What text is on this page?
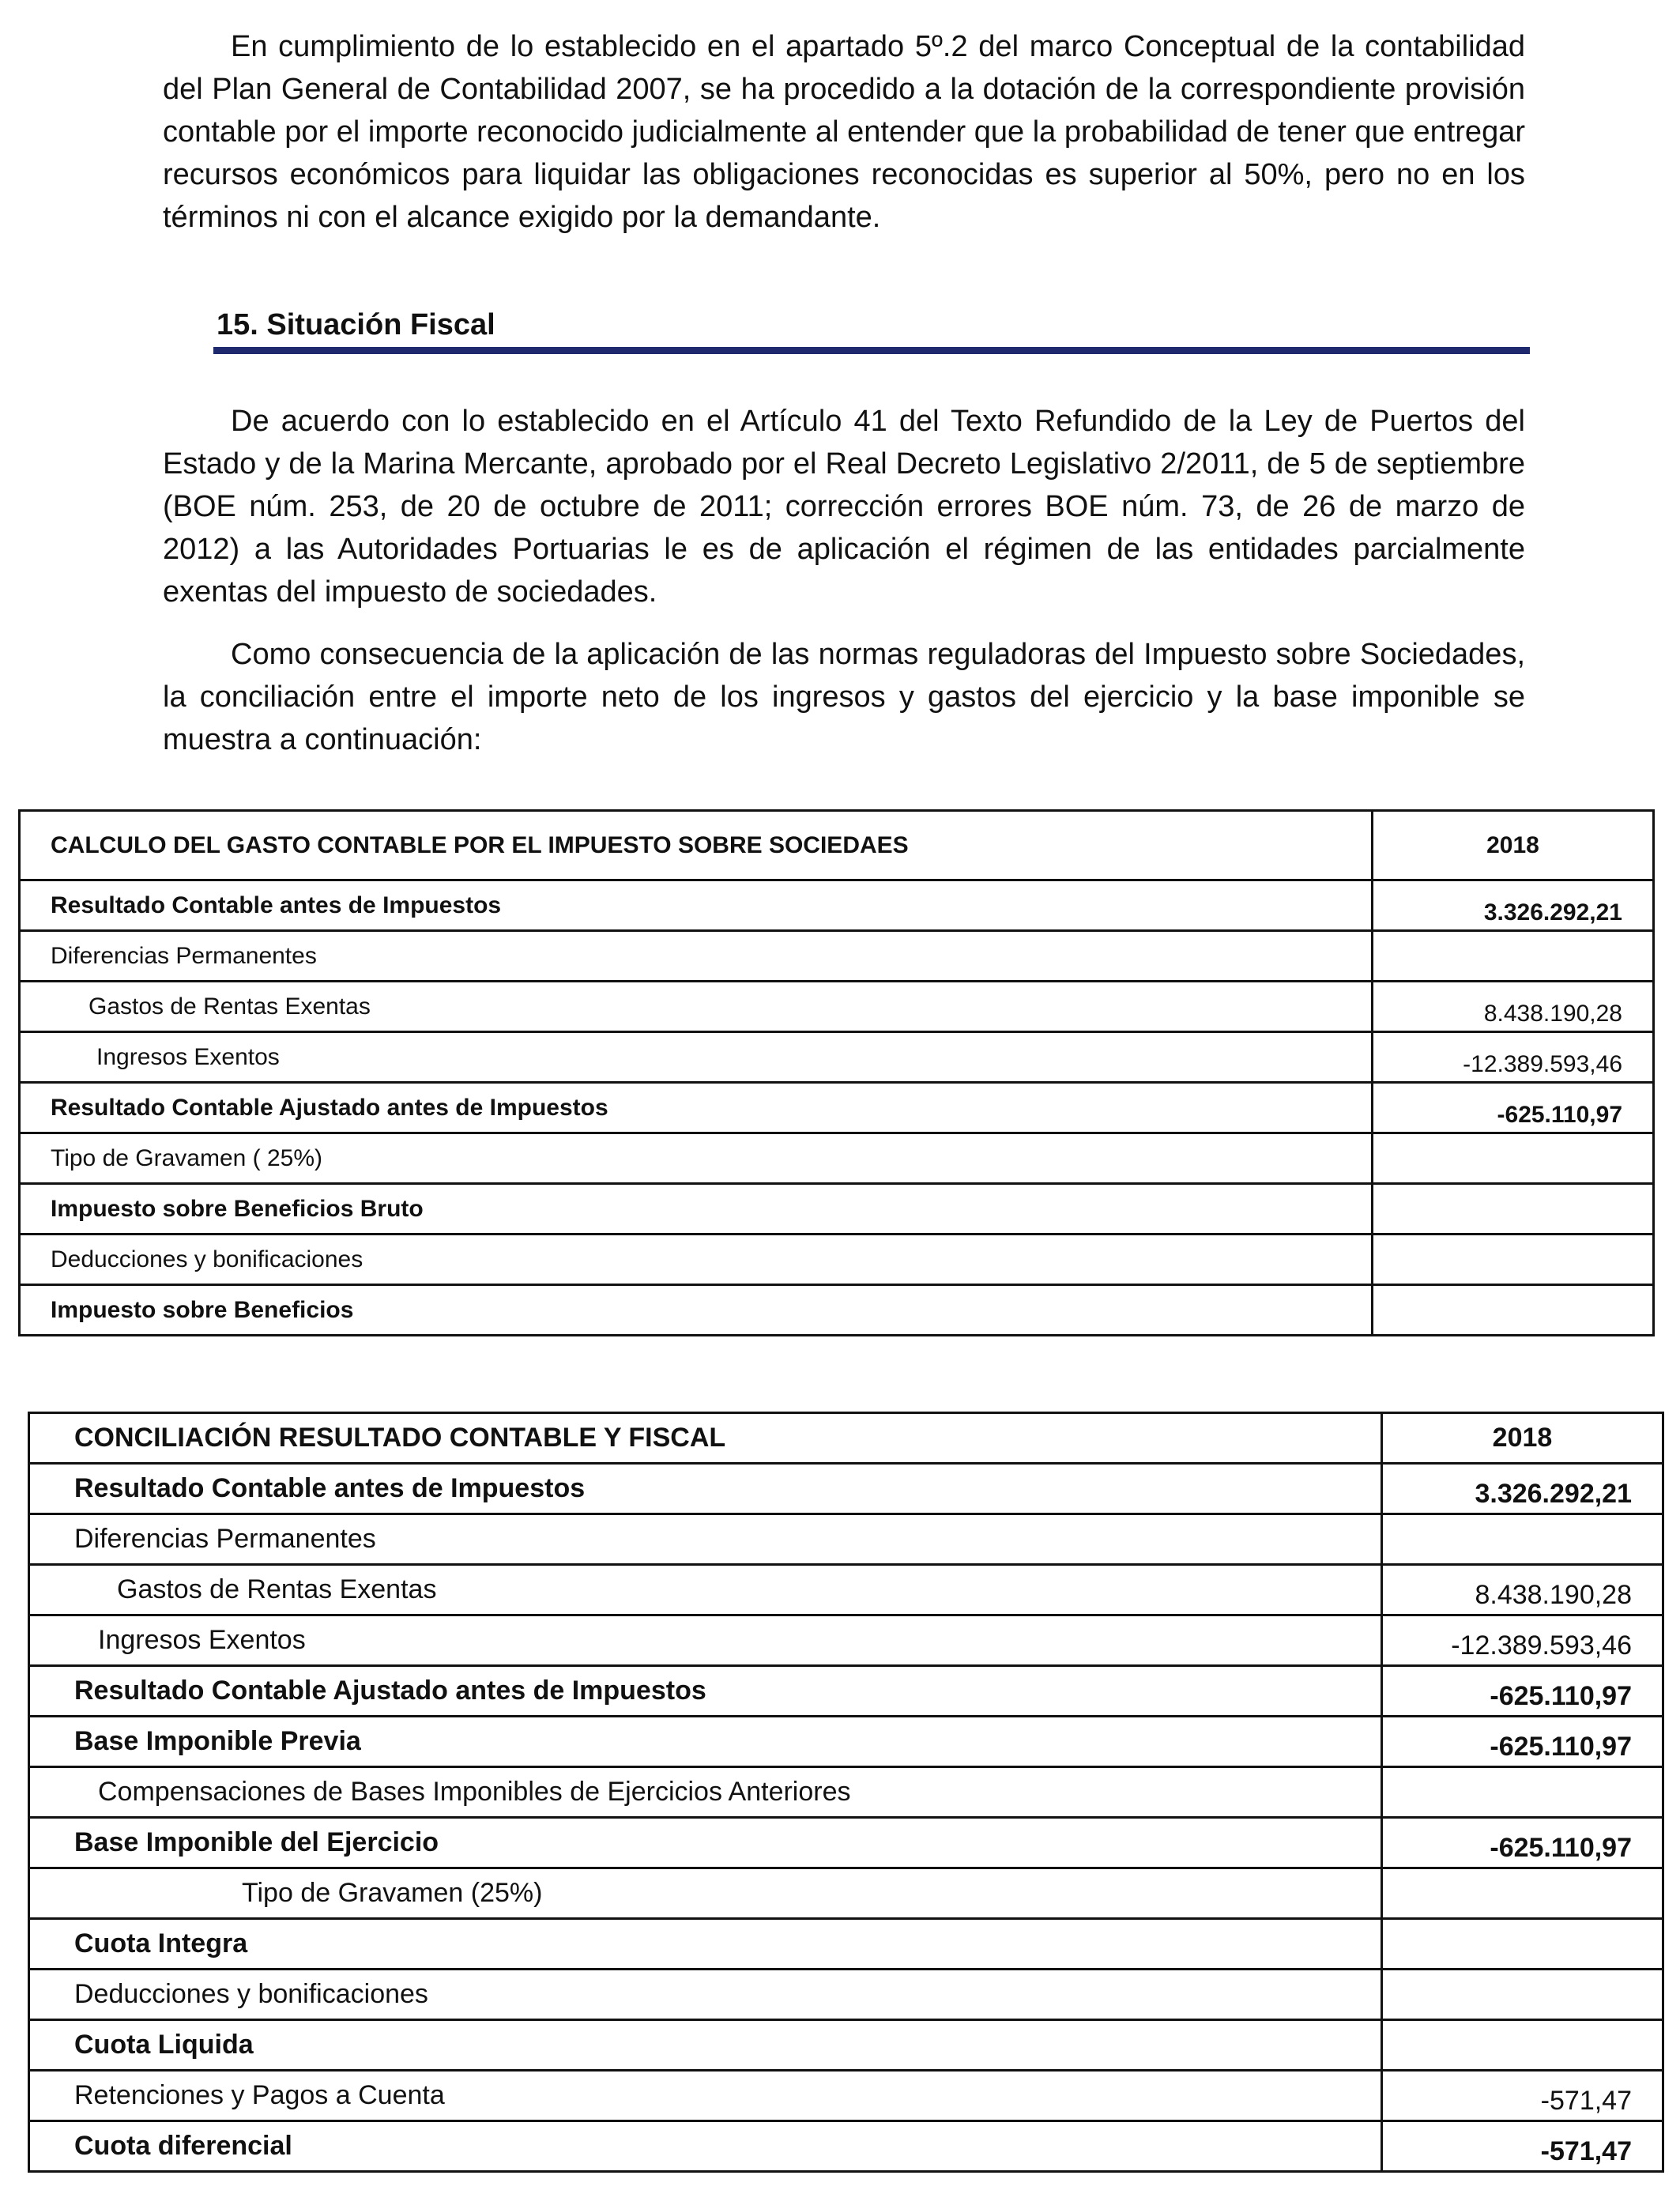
En cumplimiento de lo establecido en el apartado 5º.2 del marco Conceptual de la contabilidad del Plan General de Contabilidad 2007, se ha procedido a la dotación de la correspondiente provisión contable por el importe reconocido judicialmente al entender que la probabilidad de tener que entregar recursos económicos para liquidar las obligaciones reconocidas es superior al 50%, pero no en los términos ni con el alcance exigido por la demandante.

15. Situación Fiscal

De acuerdo con lo establecido en el Artículo 41 del Texto Refundido de la Ley de Puertos del Estado y de la Marina Mercante, aprobado por el Real Decreto Legislativo 2/2011, de 5 de septiembre (BOE núm. 253, de 20 de octubre de 2011; corrección errores BOE núm. 73, de 26 de marzo de 2012) a las Autoridades Portuarias le es de aplicación el régimen de las entidades parcialmente exentas del impuesto de sociedades.

Como consecuencia de la aplicación de las normas reguladoras del Impuesto sobre Sociedades, la conciliación entre el importe neto de los ingresos y gastos del ejercicio y la base imponible se muestra a continuación:

CALCULO DEL GASTO CONTABLE POR EL IMPUESTO SOBRE SOCIEDAES	2018
Resultado Contable antes de Impuestos	3.326.292,21
Diferencias Permanentes	
Gastos de Rentas Exentas	8.438.190,28
Ingresos Exentos	-12.389.593,46
Resultado Contable Ajustado antes de Impuestos	-625.110,97
Tipo de Gravamen ( 25%)	
Impuesto sobre Beneficios Bruto	
Deducciones y bonificaciones	
Impuesto sobre Beneficios	
CONCILIACIÓN RESULTADO CONTABLE Y FISCAL	2018
Resultado Contable antes de Impuestos	3.326.292,21
Diferencias Permanentes	
Gastos de Rentas Exentas	8.438.190,28
Ingresos Exentos	-12.389.593,46
Resultado Contable Ajustado antes de Impuestos	-625.110,97
Base Imponible Previa	-625.110,97
Compensaciones de Bases Imponibles de Ejercicios Anteriores	
Base Imponible del Ejercicio	-625.110,97
Tipo de Gravamen (25%)	
Cuota Integra	
Deducciones y bonificaciones	
Cuota Liquida	
Retenciones y Pagos a Cuenta	-571,47
Cuota diferencial	-571,47
